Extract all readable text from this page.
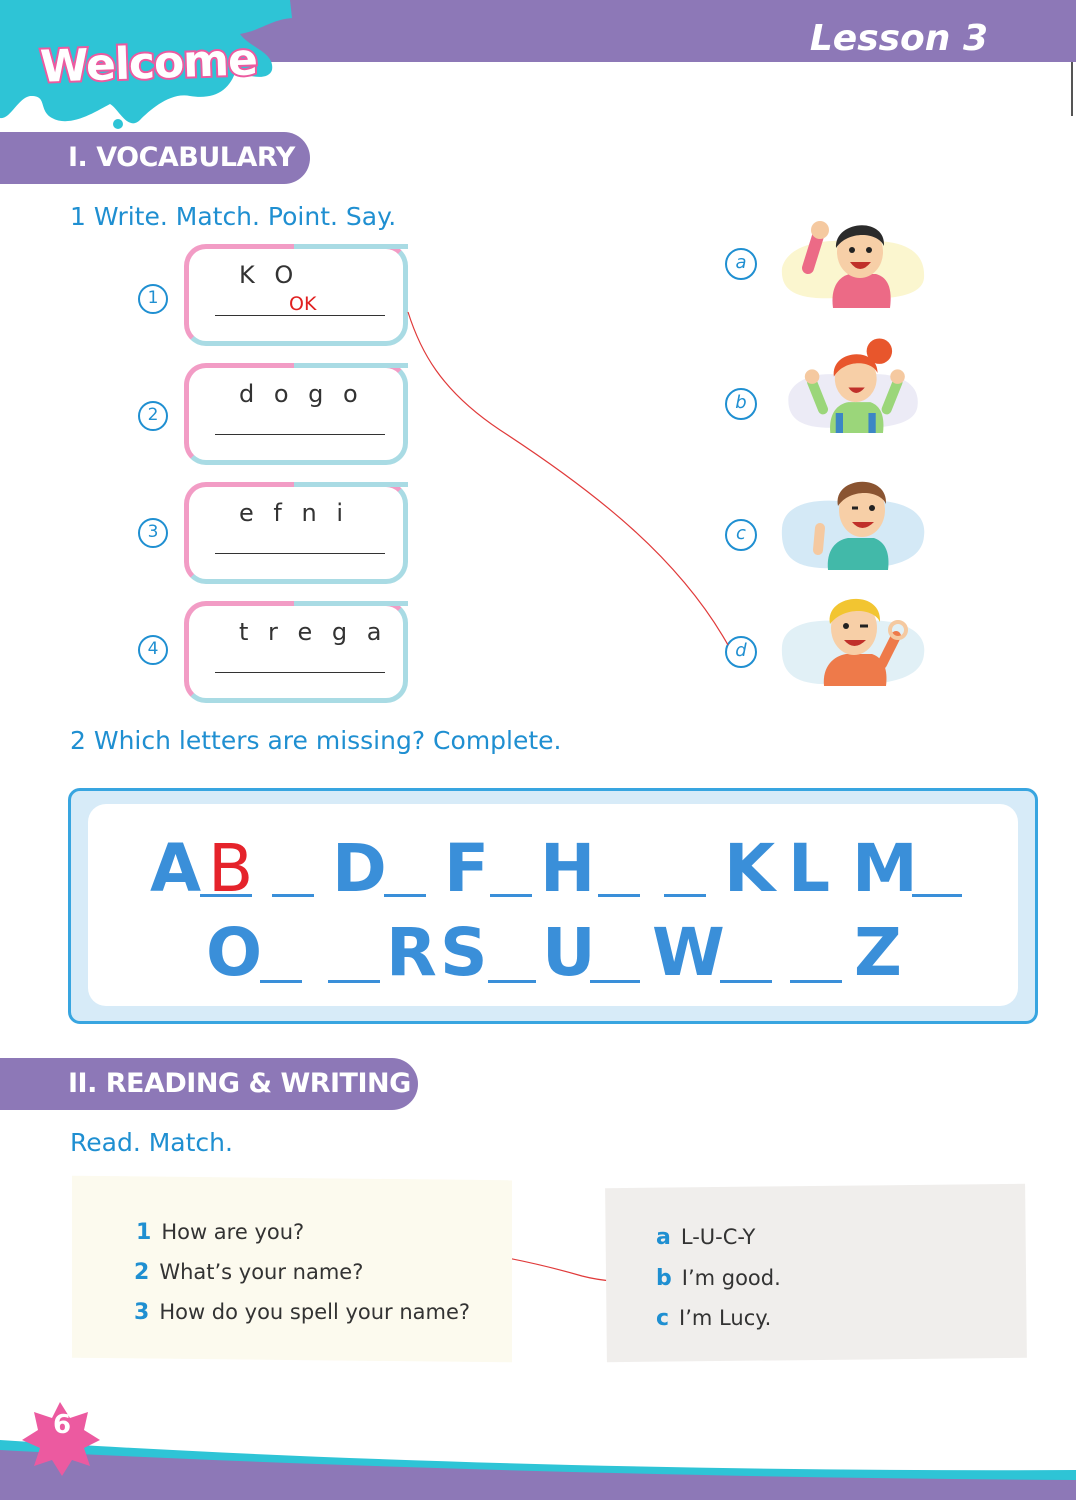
Welcome	Lesson 3
I. VOCABULARY
1 Write. Match. Point. Say.
1
K O
OK
2
d o g o
3
e f n i
4
t r e g a
a
b
c
d
2 Which letters are missing? Complete.
A B D F H K L M
O R S U W Z
II. READING & WRITING
Read. Match.
1 How are you?
2 What’s your name?
3 How do you spell your name?
a L-U-C-Y
b I’m good.
c I’m Lucy.
6
